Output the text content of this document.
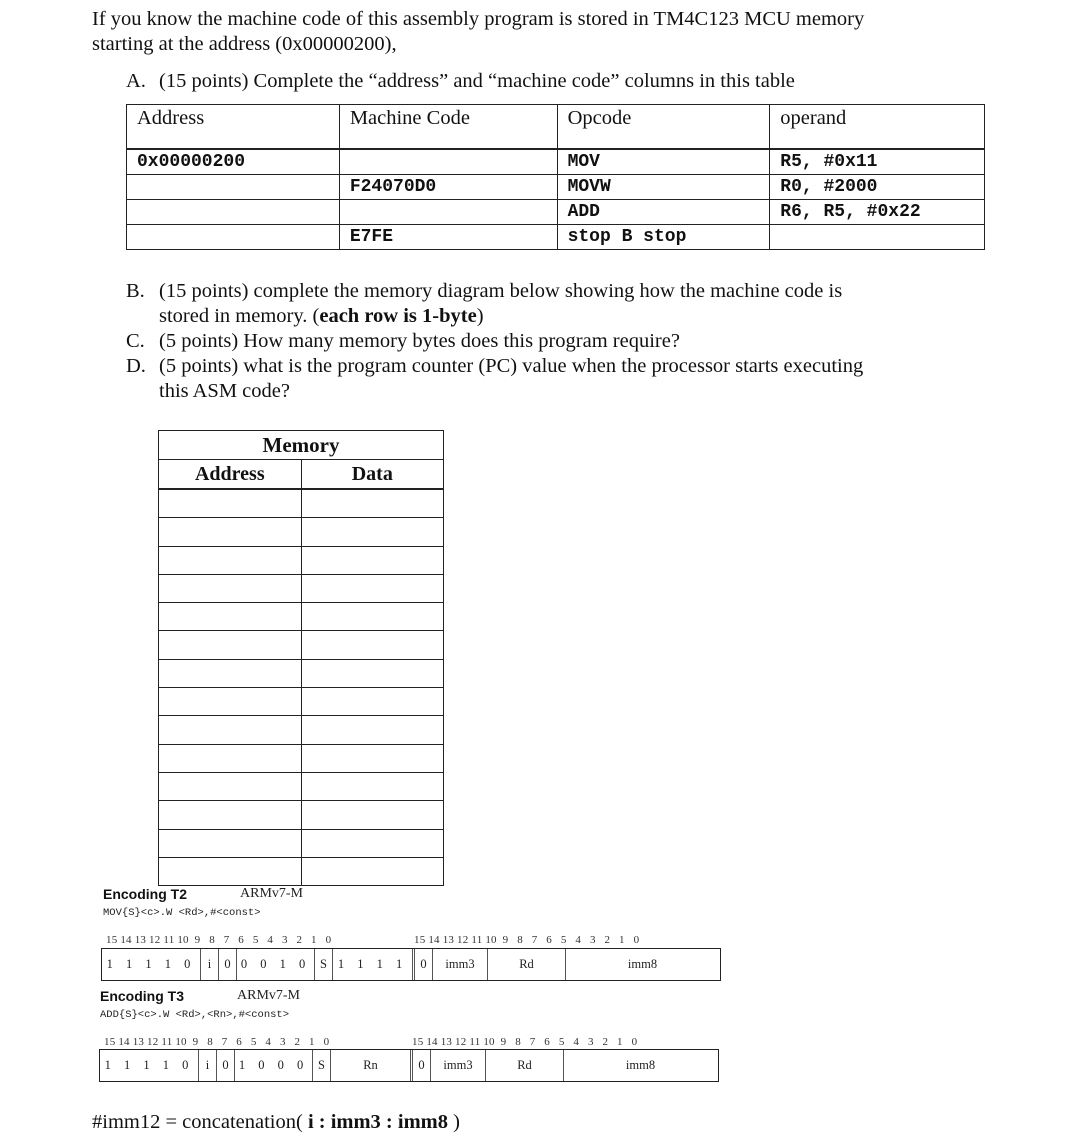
If you know the machine code of this assembly program is stored in TM4C123 MCU memory
starting at the address (0x00000200),
A. (15 points) Complete the “address” and “machine code” columns in this table
Address	Machine Code	Opcode	operand
0x00000200		MOV	R5, #0x11
	F24070D0	MOVW	R0, #2000
		ADD	R6, R5, #0x22
	E7FE	stop B stop	
B. (15 points) complete the memory diagram below showing how the machine code is
stored in memory. (each row is 1-byte)
C. (5 points) How many memory bytes does this program require?
D. (5 points) what is the program counter (PC) value when the processor starts executing
this ASM code?
Memory	
Address	Data

Encoding T2	ARMv7-M
MOV{S}<c>.W <Rd>,#<const>
15 14 13 12 11 10  9   8   7   6   5   4   3   2   1   0	15 14 13 12 11 10  9   8   7   6   5   4   3   2   1   0
1 1 1 1 0 i	0 0 0 1 0 S 1 1 1 1	0	imm3	Rd	imm8
Encoding T3	ARMv7-M
ADD{S}<c>.W <Rd>,<Rn>,#<const>
15 14 13 12 11 10  9   8   7   6   5   4   3   2   1   0	15 14 13 12 11 10  9   8   7   6   5   4   3   2   1   0
1 1 1 1 0 i	0 1 0 0 0 S	Rn	0	imm3	Rd	imm8
#imm12 = concatenation( i : imm3 : imm8 )
